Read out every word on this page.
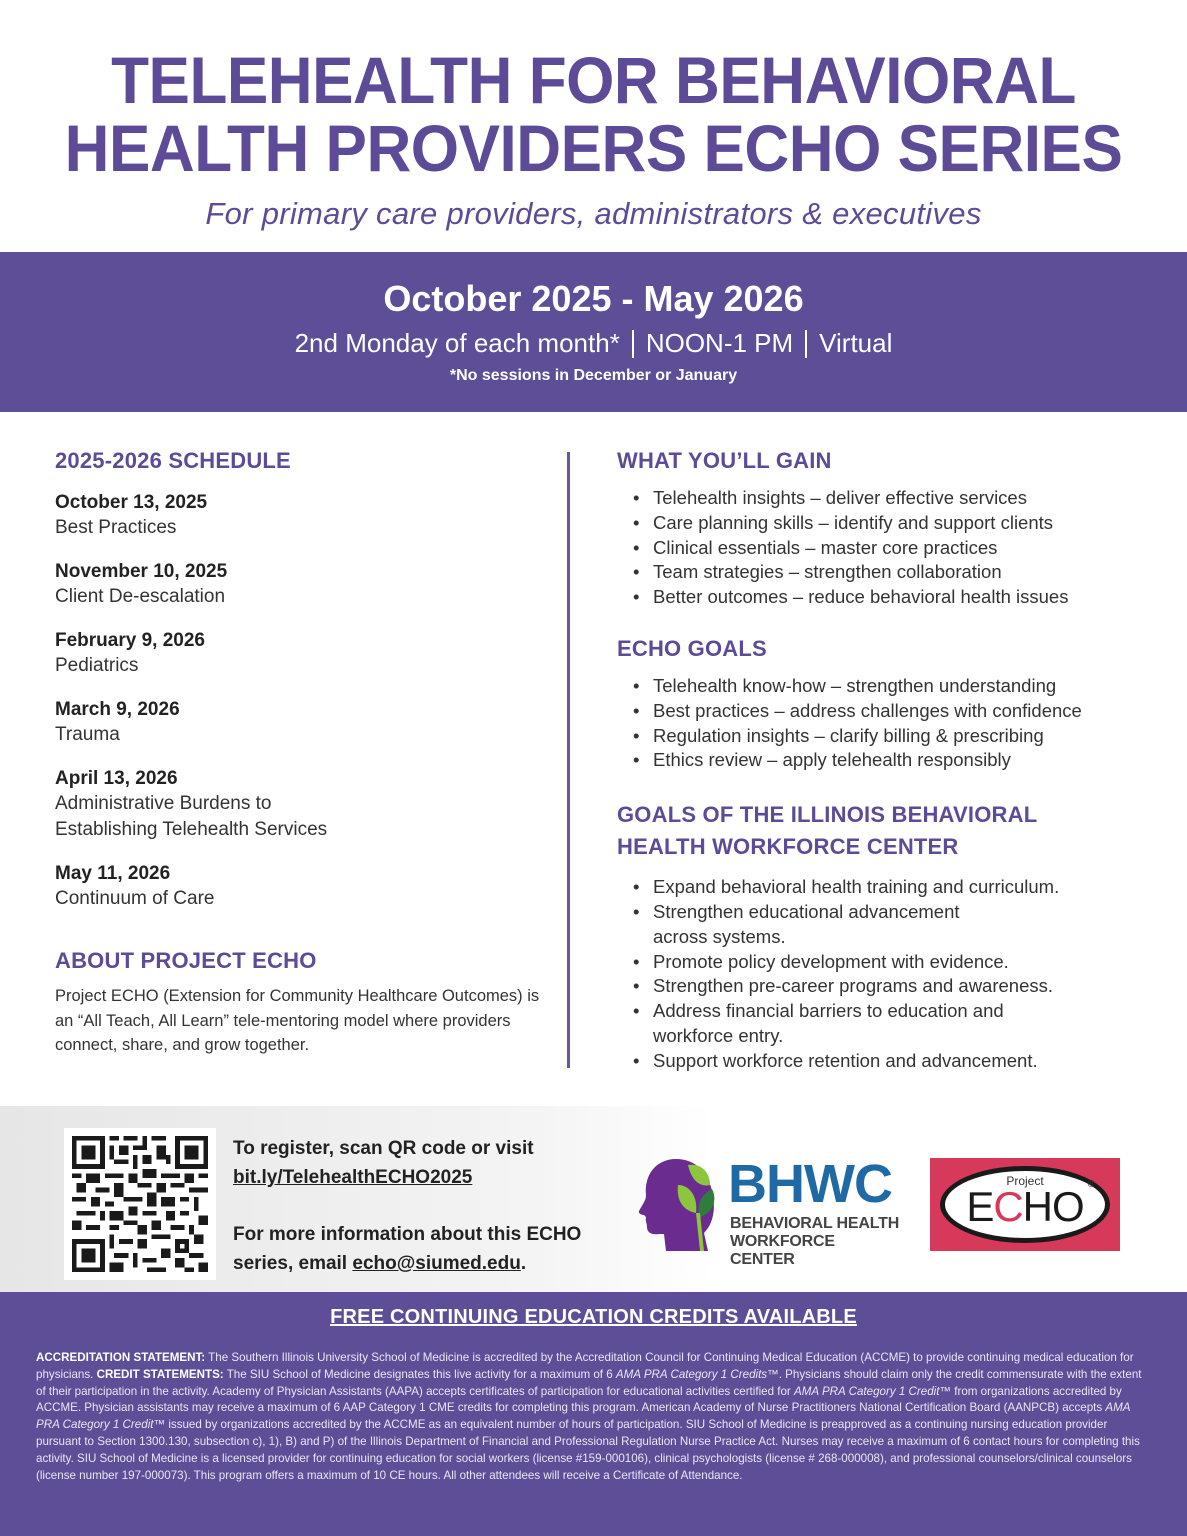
TELEHEALTH FOR BEHAVIORAL
HEALTH PROVIDERS ECHO SERIES
For primary care providers, administrators & executives
October 2025 - May 2026
2nd Monday of each month* NOON-1 PM Virtual
*No sessions in December or January
2025-2026 SCHEDULE
October 13, 2025
Best Practices
November 10, 2025
Client De-escalation
February 9, 2026
Pediatrics
March 9, 2026
Trauma
April 13, 2026
Administrative Burdens to
Establishing Telehealth Services
May 11, 2026
Continuum of Care
ABOUT PROJECT ECHO
Project ECHO (Extension for Community Healthcare Outcomes) is an “All Teach, All Learn” tele-mentoring model where providers connect, share, and grow together.
WHAT YOU’LL GAIN
• Telehealth insights – deliver effective services
• Care planning skills – identify and support clients
• Clinical essentials – master core practices
• Team strategies – strengthen collaboration
• Better outcomes – reduce behavioral health issues
ECHO GOALS
• Telehealth know-how – strengthen understanding
• Best practices – address challenges with confidence
• Regulation insights – clarify billing & prescribing
• Ethics review – apply telehealth responsibly
GOALS OF THE ILLINOIS BEHAVIORAL
HEALTH WORKFORCE CENTER
• Expand behavioral health training and curriculum.
• Strengthen educational advancement across systems.
• Promote policy development with evidence.
• Strengthen pre-career programs and awareness.
• Address financial barriers to education and workforce entry.
• Support workforce retention and advancement.
To register, scan QR code or visit
bit.ly/TelehealthECHO2025
For more information about this ECHO series, email echo@siumed.edu.
BHWC
BEHAVIORAL HEALTH
WORKFORCE CENTER
Project
ECHO ®
FREE CONTINUING EDUCATION CREDITS AVAILABLE
ACCREDITATION STATEMENT: The Southern Illinois University School of Medicine is accredited by the Accreditation Council for Continuing Medical Education (ACCME) to provide continuing medical education for physicians. CREDIT STATEMENTS: The SIU School of Medicine designates this live activity for a maximum of 6 AMA PRA Category 1 Credits™. Physicians should claim only the credit commensurate with the extent of their participation in the activity. Academy of Physician Assistants (AAPA) accepts certificates of participation for educational activities certified for AMA PRA Category 1 Credit™ from organizations accredited by ACCME. Physician assistants may receive a maximum of 6 AAP Category 1 CME credits for completing this program. American Academy of Nurse Practitioners National Certification Board (AANPCB) accepts AMA PRA Category 1 Credit™ issued by organizations accredited by the ACCME as an equivalent number of hours of participation. SIU School of Medicine is preapproved as a continuing nursing education provider pursuant to Section 1300.130, subsection c), 1), B) and P) of the Illinois Department of Financial and Professional Regulation Nurse Practice Act. Nurses may receive a maximum of 6 contact hours for completing this activity. SIU School of Medicine is a licensed provider for continuing education for social workers (license #159-000106), clinical psychologists (license # 268-000008), and professional counselors/clinical counselors (license number 197-000073). This program offers a maximum of 10 CE hours. All other attendees will receive a Certificate of Attendance.
